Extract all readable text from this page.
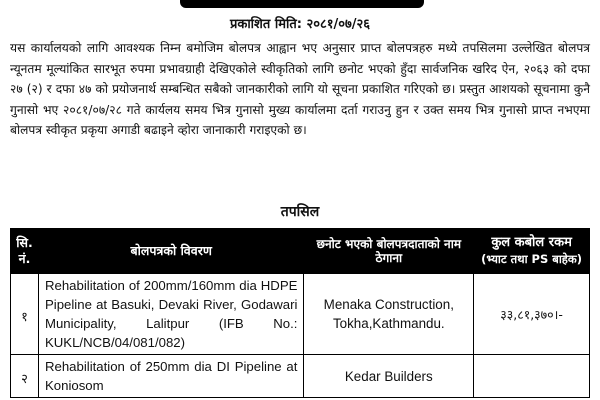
प्रकाशित मिति: २०८१/०७/२६
यस कार्यालयको लागि आवश्यक निम्न बमोजिम बोलपत्र आह्वान भए अनुसार प्राप्त बोलपत्रहरु मध्ये तपसिलमा उल्लेखित बोलपत्र न्यूनतम मूल्यांकित सारभूत रुपमा प्रभावग्राही देखिएकोले स्वीकृतिको लागि छनोट भएको हुँदा सार्वजनिक खरिद ऐन, २०६३ को दफा २७ (२) र दफा ४७ को प्रयोजनार्थ सम्बन्धित सबैको जानकारीको लागि यो सूचना प्रकाशित गरिएको छ। प्रस्तुत आशयको सूचनामा कुनै गुनासो भए २०८१/०७/२८ गते कार्यलय समय भित्र गुनासो मुख्य कार्यालमा दर्ता गराउनु हुन र उक्त समय भित्र गुनासो प्राप्त नभएमा बोलपत्र स्वीकृत प्रकृया अगाडी बढाइने व्होरा जानाकारी गराइएको छ।
तपसिल
सि. नं.	बोलपत्रको विवरण	छनोट भएको बोलपत्रदाताको नाम ठेगाना	कुल कबोल रकम
(भ्याट तथा PS बाहेक)

१	Rehabilitation of 200mm/160mm dia HDPE Pipeline at Basuki, Devaki River, Godawari Municipality, Lalitpur (IFB No.: KUKL/NCB/04/081/082)	Menaka Construction, Tokha,Kathmandu.	३३,८१,३७०।-
२	Rehabilitation of 250mm dia DI Pipeline at Koniosom	Kedar Builders	
